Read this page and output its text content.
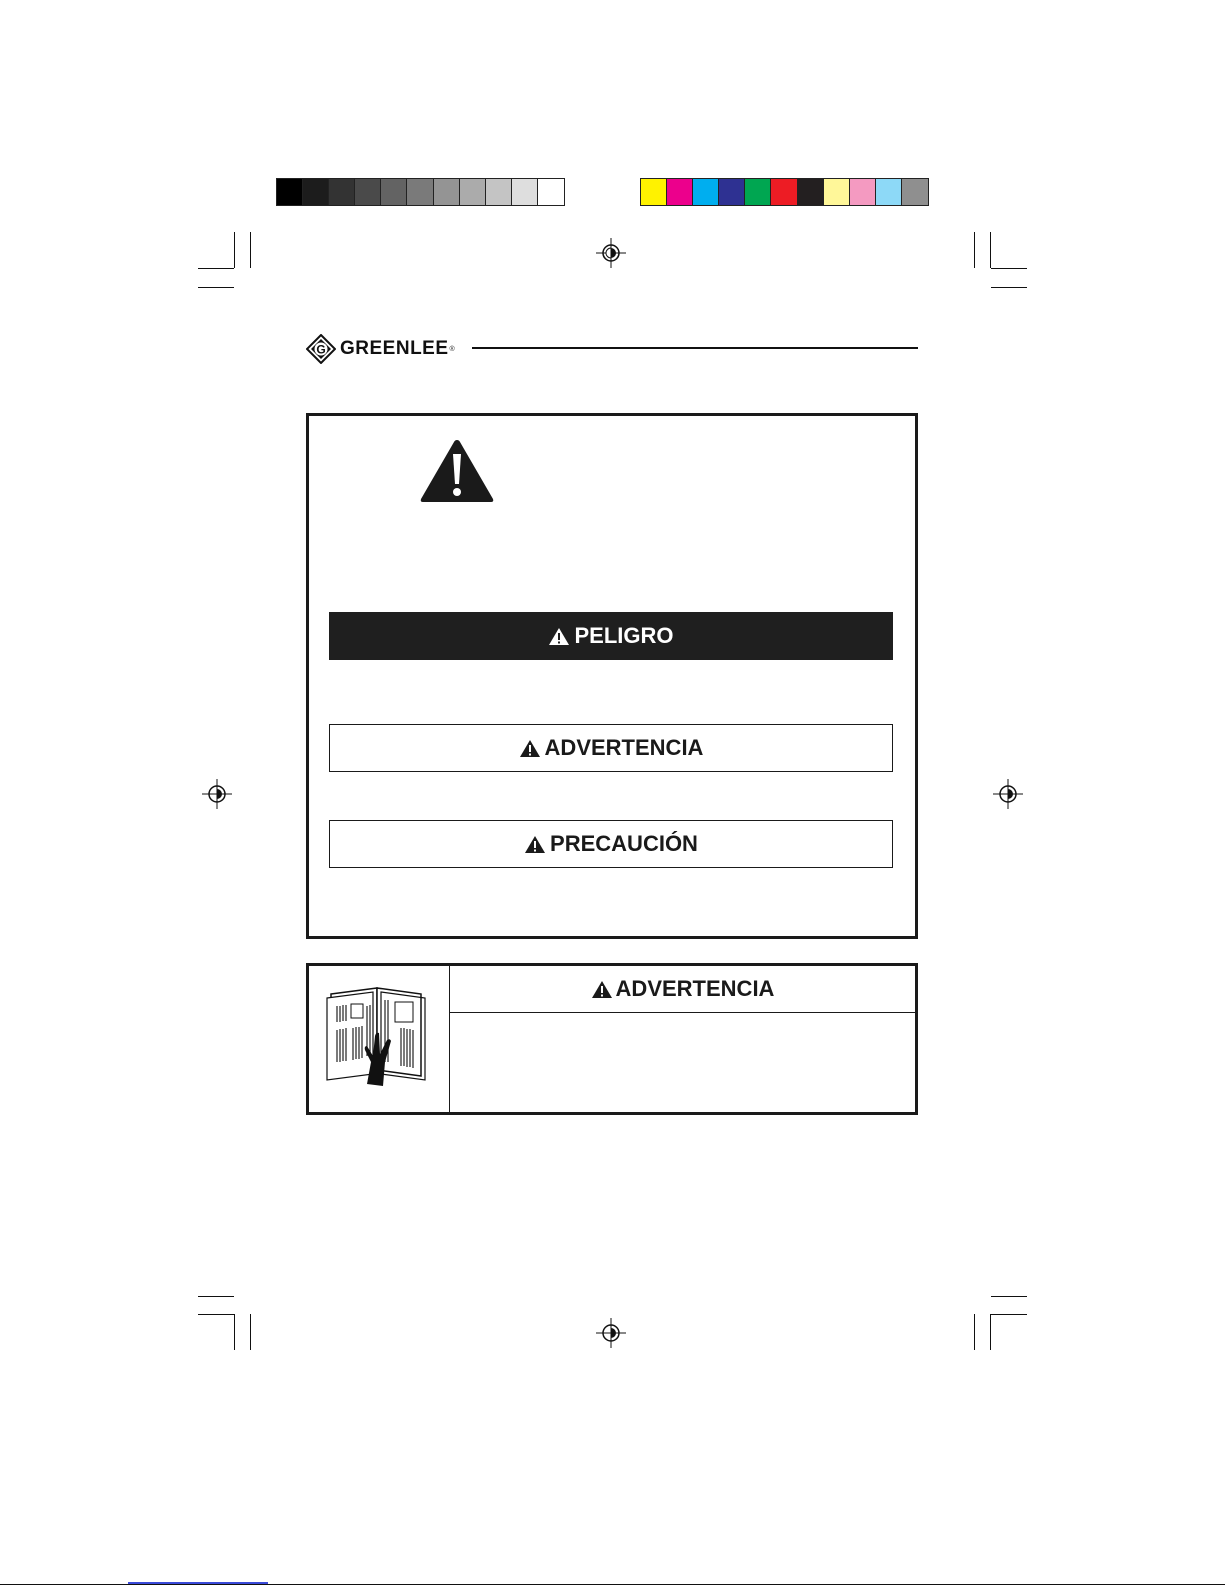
G GREENLEE ®
PELIGRO
ADVERTENCIA
PRECAUCIÓN
ADVERTENCIA
